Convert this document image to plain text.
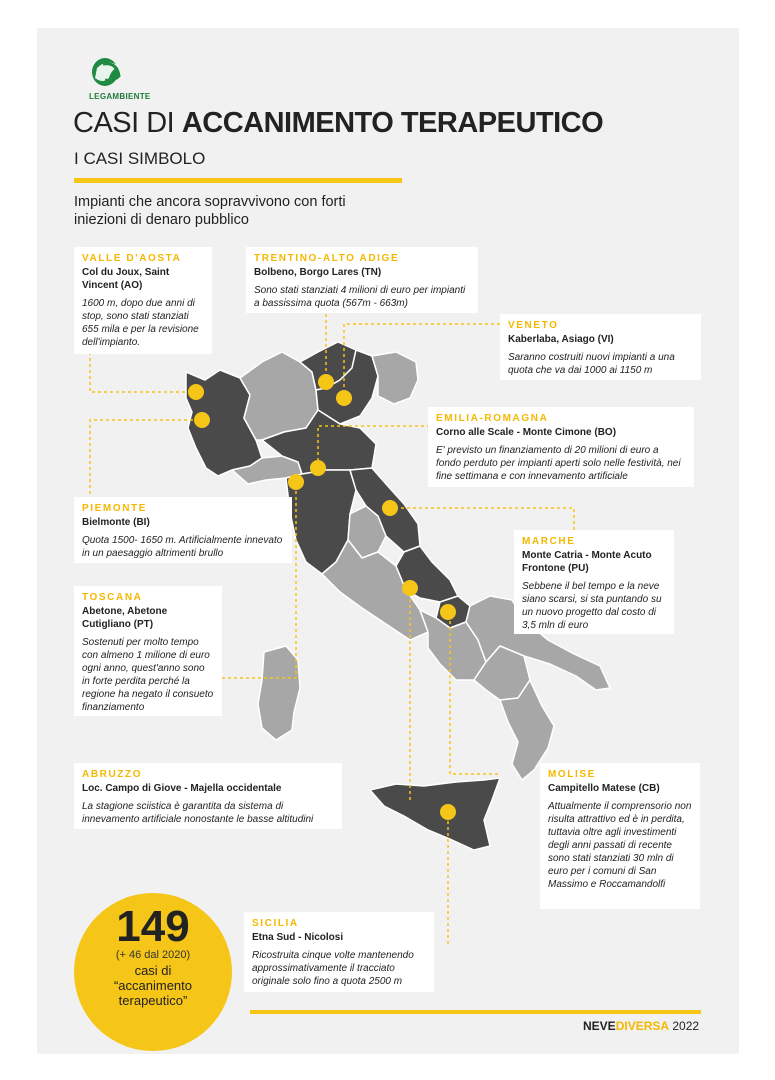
LEGAMBIENTE
CASI DI ACCANIMENTO TERAPEUTICO
I CASI SIMBOLO
Impianti che ancora sopravvivono con forti iniezioni di denaro pubblico
VALLE D'AOSTA
Col du Joux, Saint Vincent (AO)
1600 m, dopo due anni di stop, sono stati stanziati 655 mila e per la revisione dell'impianto.
TRENTINO-ALTO ADIGE
Bolbeno, Borgo Lares (TN)
Sono stati stanziati 4 milioni di euro per impianti a bassissima quota (567m - 663m)
VENETO
Kaberlaba, Asiago (VI)
Saranno costruiti nuovi impianti a una quota che va dai 1000 ai 1150 m
EMILIA-ROMAGNA
Corno alle Scale - Monte Cimone (BO)
E' previsto un finanziamento di 20 milioni di euro a fondo perduto per impianti aperti solo nelle festività, nei fine settimana e con innevamento artificiale
PIEMONTE
Bielmonte (BI)
Quota 1500- 1650 m. Artificialmente innevato in un paesaggio altrimenti brullo
MARCHE
Monte Catria - Monte Acuto Frontone (PU)
Sebbene il bel tempo e la neve siano scarsi, si sta puntando su un nuovo progetto dal costo di 3,5 mln di euro
TOSCANA
Abetone, Abetone Cutigliano (PT)
Sostenuti per molto tempo con almeno 1 milione di euro ogni anno, quest'anno sono in forte perdita perché la regione ha negato il consueto finanziamento
ABRUZZO
Loc. Campo di Giove - Majella occidentale
La stagione sciistica è garantita da sistema di innevamento artificiale nonostante le basse altitudini
MOLISE
Campitello Matese (CB)
Attualmente il comprensorio non risulta attrattivo ed è in perdita, tuttavia oltre agli investimenti degli anni passati di recente sono stati stanziati 30 mln di euro per i comuni di San Massimo e Roccamandolfi
SICILIA
Etna Sud - Nicolosi
Ricostruita cinque volte mantenendo approssimativamente il tracciato originale solo fino a quota 2500 m
149
(+ 46 dal 2020)
casi di “accanimento terapeutico”
NEVEDIVERSA 2022
